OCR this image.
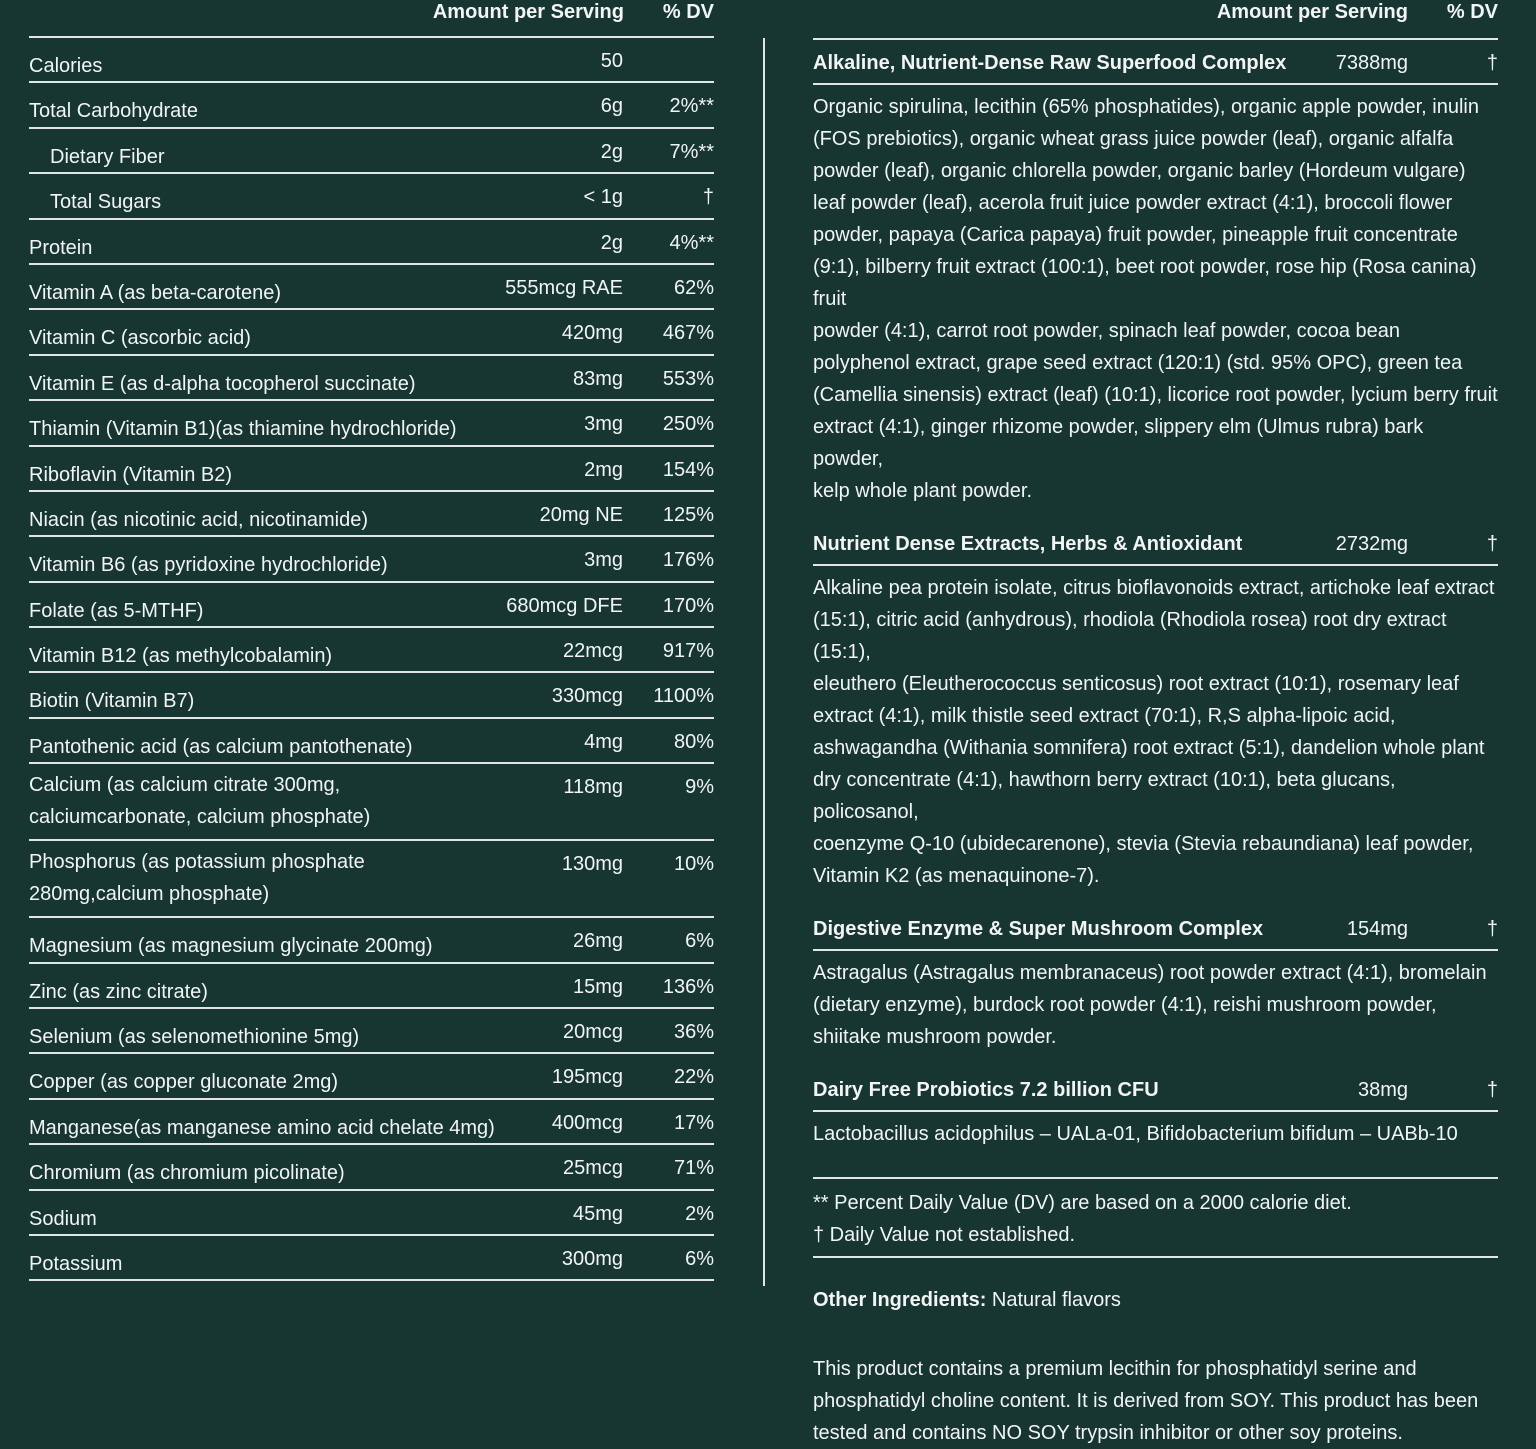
Amount per Serving % DV
Calories	50
Total Carbohydrate	6g 2%**
Dietary Fiber	2g 7%**
Total Sugars	< 1g	†
Protein	2g 4%**
Vitamin A (as beta-carotene)	555mcg RAE	62%
Vitamin C (ascorbic acid)	420mg 467%
Vitamin E (as d-alpha tocopherol succinate)	83mg 553%
Thiamin (Vitamin B1)(as thiamine hydrochloride)	3mg 250%
Riboflavin (Vitamin B2)	2mg 154%
Niacin (as nicotinic acid, nicotinamide)	20mg NE 125%
Vitamin B6 (as pyridoxine hydrochloride)	3mg 176%
Folate (as 5-MTHF)	680mcg DFE 170%
Vitamin B12 (as methylcobalamin)	22mcg 917%
Biotin (Vitamin B7)	330mcg 1100%
Pantothenic acid (as calcium pantothenate)	4mg	80%
Calcium (as calcium citrate 300mg,
calciumcarbonate, calcium phosphate)
118mg	9%
Phosphorus (as potassium phosphate
280mg,calcium phosphate)
130mg	10%
Magnesium (as magnesium glycinate 200mg)	26mg	6%
Zinc (as zinc citrate)	15mg 136%
Selenium (as selenomethionine 5mg)	20mcg	36%
Copper (as copper gluconate 2mg)	195mcg	22%
Manganese(as manganese amino acid chelate 4mg)	400mcg	17%
Chromium (as chromium picolinate)	25mcg	71%
Sodium	45mg	2%
Potassium	300mg	6%
Amount per Serving % DV
Alkaline, Nutrient-Dense Raw Superfood Complex 7388mg	†
Organic spirulina, lecithin (65% phosphatides), organic apple powder, inulin
(FOS prebiotics), organic wheat grass juice powder (leaf), organic alfalfa
powder (leaf), organic chlorella powder, organic barley (Hordeum vulgare)
leaf powder (leaf), acerola fruit juice powder extract (4:1), broccoli flower
powder, papaya (Carica papaya) fruit powder, pineapple fruit concentrate
(9:1), bilberry fruit extract (100:1), beet root powder, rose hip (Rosa canina) fruit
powder (4:1), carrot root powder, spinach leaf powder, cocoa bean
polyphenol extract, grape seed extract (120:1) (std. 95% OPC), green tea
(Camellia sinensis) extract (leaf) (10:1), licorice root powder, lycium berry fruit
extract (4:1), ginger rhizome powder, slippery elm (Ulmus rubra) bark powder,
kelp whole plant powder.
Nutrient Dense Extracts, Herbs & Antioxidant	2732mg	†
Alkaline pea protein isolate, citrus bioflavonoids extract, artichoke leaf extract
(15:1), citric acid (anhydrous), rhodiola (Rhodiola rosea) root dry extract (15:1),
eleuthero (Eleutherococcus senticosus) root extract (10:1), rosemary leaf
extract (4:1), milk thistle seed extract (70:1), R,S alpha-lipoic acid,
ashwagandha (Withania somnifera) root extract (5:1), dandelion whole plant
dry concentrate (4:1), hawthorn berry extract (10:1), beta glucans, policosanol,
coenzyme Q-10 (ubidecarenone), stevia (Stevia rebaundiana) leaf powder,
Vitamin K2 (as menaquinone-7).
Digestive Enzyme & Super Mushroom Complex	154mg	†
Astragalus (Astragalus membranaceus) root powder extract (4:1), bromelain
(dietary enzyme), burdock root powder (4:1), reishi mushroom powder,
shiitake mushroom powder.
Dairy Free Probiotics 7.2 billion CFU	38mg	†
Lactobacillus acidophilus – UALa-01, Bifidobacterium bifidum – UABb-10
** Percent Daily Value (DV) are based on a 2000 calorie diet.
† Daily Value not established.
Other Ingredients: Natural flavors
This product contains a premium lecithin for phosphatidyl serine and
phosphatidyl choline content. It is derived from SOY. This product has been
tested and contains NO SOY trypsin inhibitor or other soy proteins.
